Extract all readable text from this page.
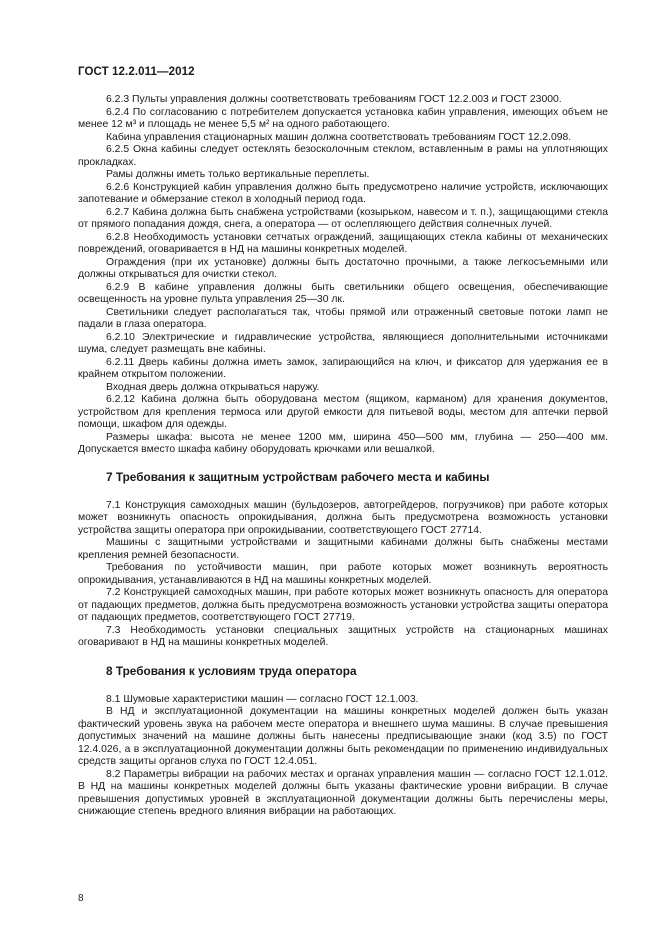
ГОСТ 12.2.011—2012

6.2.3 Пульты управления должны соответствовать требованиям ГОСТ 12.2.003 и ГОСТ 23000.

6.2.4 По согласованию с потребителем допускается установка кабин управления, имеющих объем не менее 12 м³ и площадь не менее 5,5 м² на одного работающего.

Кабина управления стационарных машин должна соответствовать требованиям ГОСТ 12.2.098.

6.2.5 Окна кабины следует остеклять безосколочным стеклом, вставленным в рамы на уплотняющих прокладках.

Рамы должны иметь только вертикальные переплеты.

6.2.6 Конструкцией кабин управления должно быть предусмотрено наличие устройств, исключающих запотевание и обмерзание стекол в холодный период года.

6.2.7 Кабина должна быть снабжена устройствами (козырьком, навесом и т. п.), защищающими стекла от прямого попадания дождя, снега, а оператора — от ослепляющего действия солнечных лучей.

6.2.8 Необходимость установки сетчатых ограждений, защищающих стекла кабины от механических повреждений, оговаривается в НД на машины конкретных моделей.

Ограждения (при их установке) должны быть достаточно прочными, а также легкосъемными или должны открываться для очистки стекол.

6.2.9 В кабине управления должны быть светильники общего освещения, обеспечивающие освещенность на уровне пульта управления 25—30 лк.

Светильники следует располагаться так, чтобы прямой или отраженный световые потоки ламп не падали в глаза оператора.

6.2.10 Электрические и гидравлические устройства, являющиеся дополнительными источниками шума, следует размещать вне кабины.

6.2.11 Дверь кабины должна иметь замок, запирающийся на ключ, и фиксатор для удержания ее в крайнем открытом положении.

Входная дверь должна открываться наружу.

6.2.12 Кабина должна быть оборудована местом (ящиком, карманом) для хранения документов, устройством для крепления термоса или другой емкости для питьевой воды, местом для аптечки первой помощи, шкафом для одежды.

Размеры шкафа: высота не менее 1200 мм, ширина 450—500 мм, глубина — 250—400 мм. Допускается вместо шкафа кабину оборудовать крючками или вешалкой.

7 Требования к защитным устройствам рабочего места и кабины

7.1 Конструкция самоходных машин (бульдозеров, автогрейдеров, погрузчиков) при работе которых может возникнуть опасность опрокидывания, должна быть предусмотрена возможность установки устройства защиты оператора при опрокидывании, соответствующего ГОСТ 27714.

Машины с защитными устройствами и защитными кабинами должны быть снабжены местами крепления ремней безопасности.

Требования по устойчивости машин, при работе которых может возникнуть вероятность опрокидывания, устанавливаются в НД на машины конкретных моделей.

7.2 Конструкцией самоходных машин, при работе которых может возникнуть опасность для оператора от падающих предметов, должна быть предусмотрена возможность установки устройства защиты оператора от падающих предметов, соответствующего ГОСТ 27719.

7.3 Необходимость установки специальных защитных устройств на стационарных машинах оговаривают в НД на машины конкретных моделей.

8 Требования к условиям труда оператора

8.1 Шумовые характеристики машин — согласно ГОСТ 12.1.003.

В НД и эксплуатационной документации на машины конкретных моделей должен быть указан фактический уровень звука на рабочем месте оператора и внешнего шума машины. В случае превышения допустимых значений на машине должны быть нанесены предписывающие знаки (код 3.5) по ГОСТ 12.4.026, а в эксплуатационной документации должны быть рекомендации по применению индивидуальных средств защиты органов слуха по ГОСТ 12.4.051.

8.2 Параметры вибрации на рабочих местах и органах управления машин — согласно ГОСТ 12.1.012. В НД на машины конкретных моделей должны быть указаны фактические уровни вибрации. В случае превышения допустимых уровней в эксплуатационной документации должны быть перечислены меры, снижающие степень вредного влияния вибрации на работающих.

8
